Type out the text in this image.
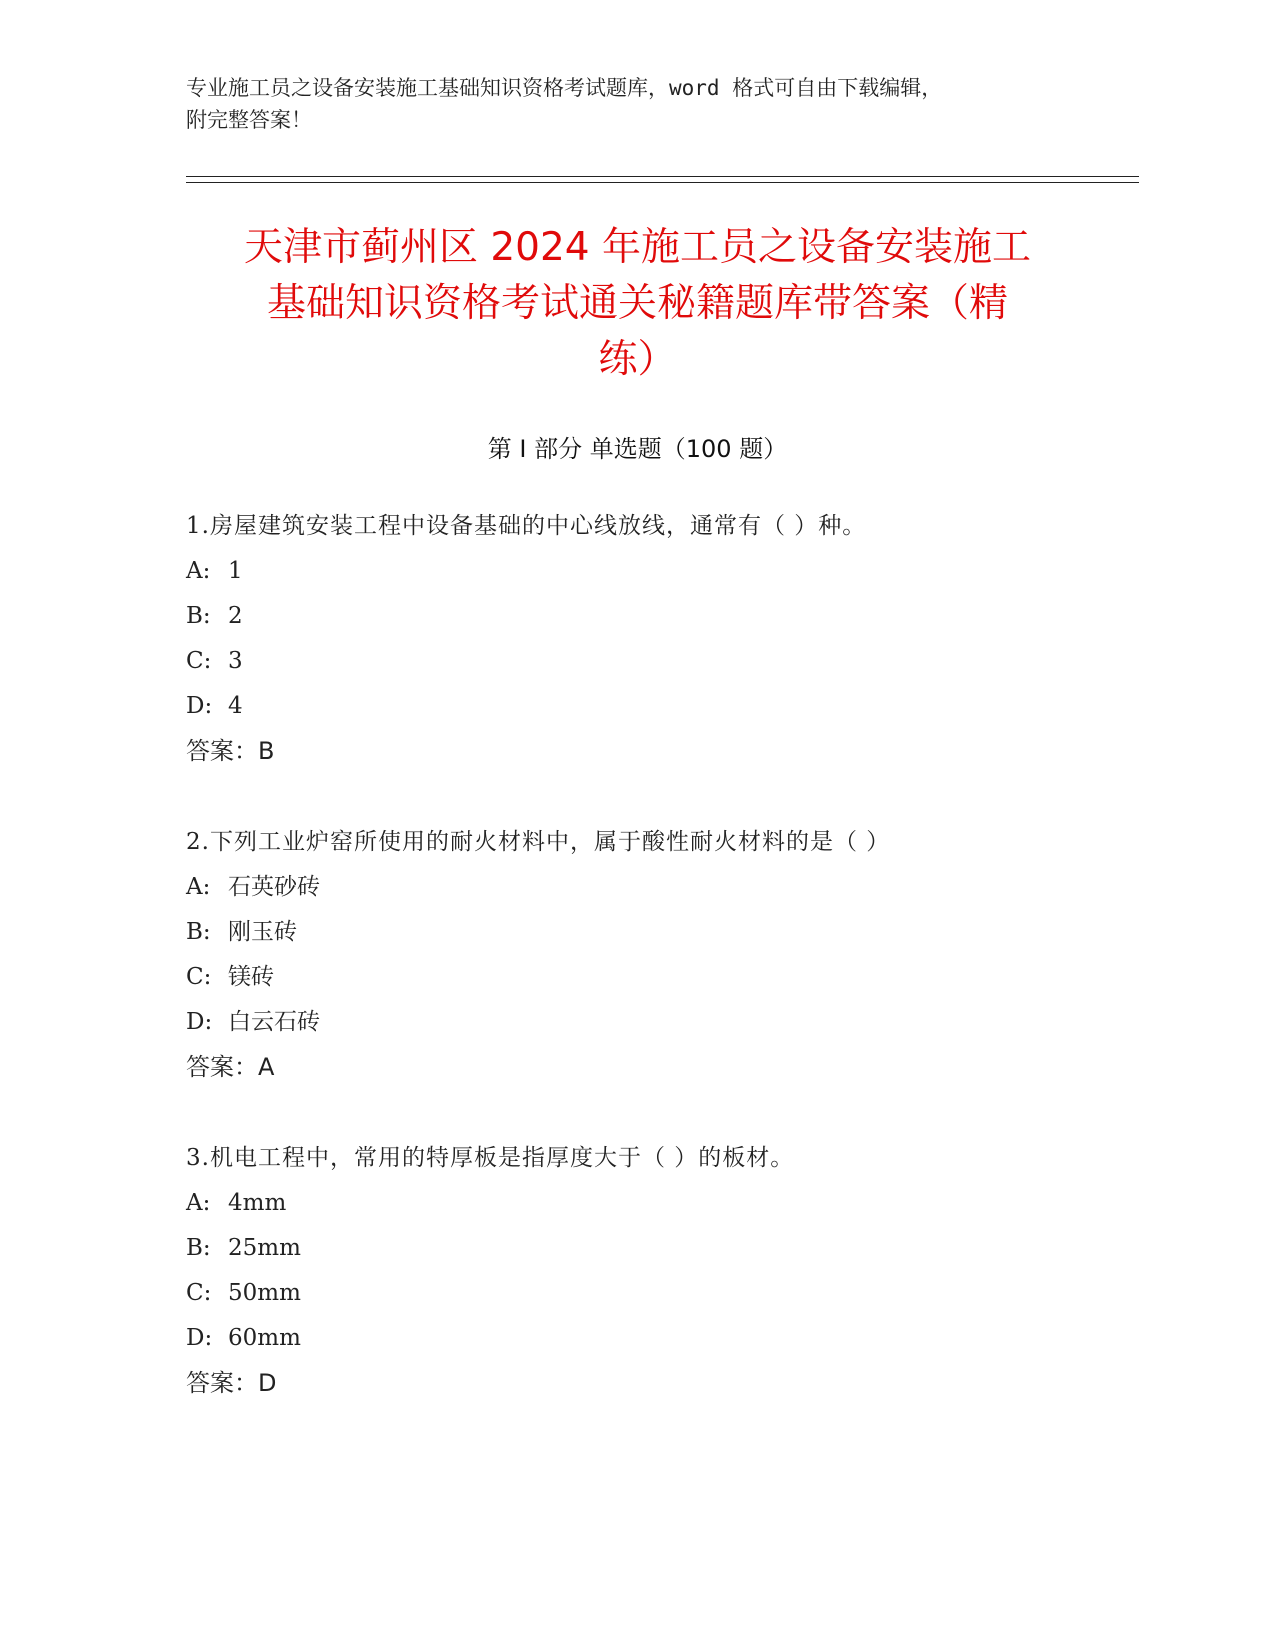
专业施工员之设备安装施工基础知识资格考试题库，word 格式可自由下载编辑，
附完整答案！
天津市蓟州区 2024 年施工员之设备安装施工
基础知识资格考试通关秘籍题库带答案（精
练）
第 I 部分 单选题（100 题）
1.房屋建筑安装工程中设备基础的中心线放线，通常有（ ）种。
A: 1
B: 2
C: 3
D: 4
答案：B
2.下列工业炉窑所使用的耐火材料中，属于酸性耐火材料的是（ ）
A: 石英砂砖
B: 刚玉砖
C: 镁砖
D: 白云石砖
答案：A
3.机电工程中，常用的特厚板是指厚度大于（ ）的板材。
A: 4mm
B: 25mm
C: 50mm
D: 60mm
答案：D
